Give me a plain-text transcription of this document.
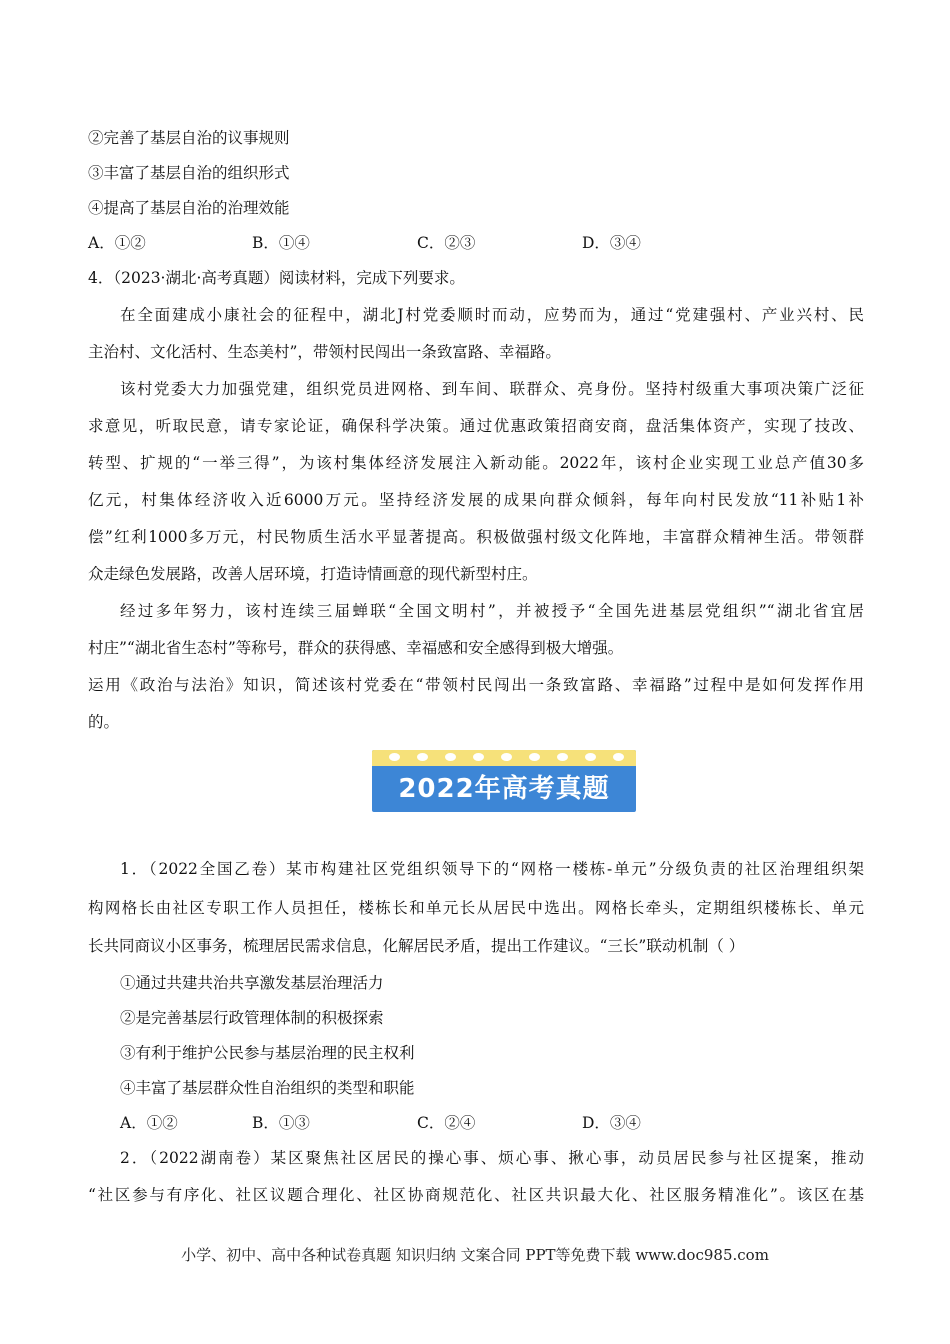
②完善了基层自治的议事规则
③丰富了基层自治的组织形式
④提高了基层自治的治理效能
A．①②	B．①④	C．②③	D．③④
4．（2023·湖北·高考真题）阅读材料，完成下列要求。
在全面建成小康社会的征程中，湖北J村党委顺时而动，应势而为，通过“党建强村、产业兴村、民
主治村、文化活村、生态美村”，带领村民闯出一条致富路、幸福路。
该村党委大力加强党建，组织党员进网格、到车间、联群众、亮身份。坚持村级重大事项决策广泛征
求意见，听取民意，请专家论证，确保科学决策。通过优惠政策招商安商，盘活集体资产，实现了技改、
转型、扩规的“一举三得”，为该村集体经济发展注入新动能。2022年，该村企业实现工业总产值30多
亿元，村集体经济收入近6000万元。坚持经济发展的成果向群众倾斜，每年向村民发放“11补贴1补
偿”红利1000多万元，村民物质生活水平显著提高。积极做强村级文化阵地，丰富群众精神生活。带领群
众走绿色发展路，改善人居环境，打造诗情画意的现代新型村庄。
经过多年努力，该村连续三届蝉联“全国文明村”，并被授予“全国先进基层党组织”“湖北省宜居
村庄”“湖北省生态村”等称号，群众的获得感、幸福感和安全感得到极大增强。
运用《政治与法治》知识，简述该村党委在“带领村民闯出一条致富路、幸福路”过程中是如何发挥作用
的。
2022年高考真题
1．（2022全国乙卷）某市构建社区党组织领导下的“网格一楼栋-单元”分级负责的社区治理组织架
构网格长由社区专职工作人员担任，楼栋长和单元长从居民中选出。网格长牵头，定期组织楼栋长、单元
长共同商议小区事务，梳理居民需求信息，化解居民矛盾，提出工作建议。“三长”联动机制（ ）
①通过共建共治共享激发基层治理活力
②是完善基层行政管理体制的积极探索
③有利于维护公民参与基层治理的民主权利
④丰富了基层群众性自治组织的类型和职能
A．①②	B．①③	C．②④	D．③④
2．（2022湖南卷）某区聚焦社区居民的操心事、烦心事、揪心事，动员居民参与社区提案，推动
“社区参与有序化、社区议题合理化、社区协商规范化、社区共识最大化、社区服务精准化”。该区在基
小学、初中、高中各种试卷真题 知识归纳 文案合同 PPT等免费下载 www.doc985.com
